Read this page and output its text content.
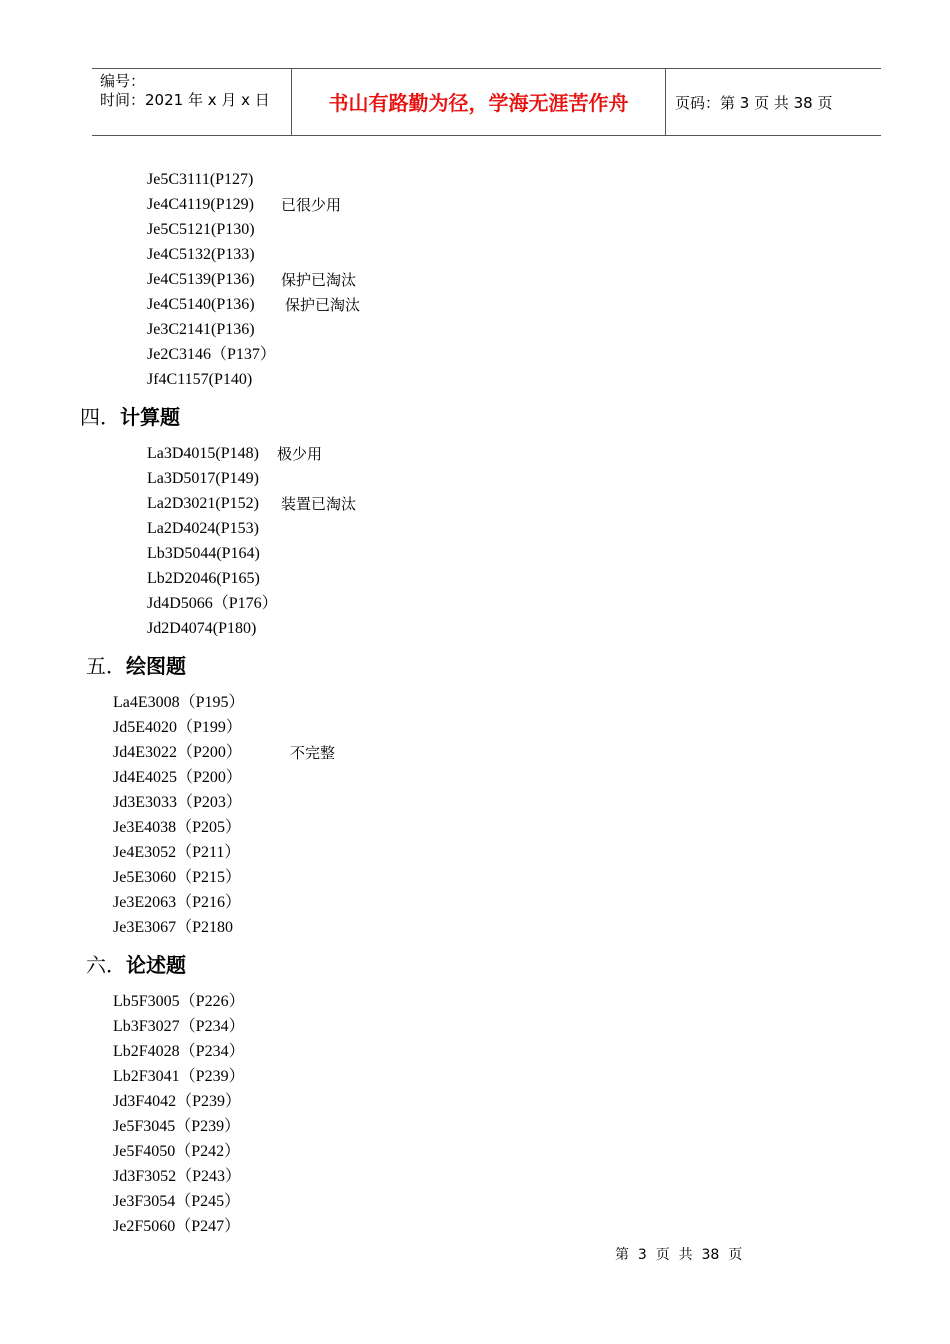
编号：
时间：2021 年 x 月 x 日	书山有路勤为径，学海无涯苦作舟	页码：第 3 页 共 38 页
Je5C3111(P127)
Je4C4119(P129) 已很少用
Je5C5121(P130)
Je4C5132(P133)
Je4C5139(P136) 保护已淘汰
Je4C5140(P136) 保护已淘汰
Je3C2141(P136)
Je2C3146（P137）
Jf4C1157(P140)
四．计算题
La3D4015(P148) 极少用
La3D5017(P149)
La2D3021(P152) 装置已淘汰
La2D4024(P153)
Lb3D5044(P164)
Lb2D2046(P165)
Jd4D5066（P176）
Jd2D4074(P180)
五．绘图题
La4E3008（P195）
Jd5E4020（P199）
Jd4E3022（P200）	不完整
Jd4E4025（P200）
Jd3E3033（P203）
Je3E4038（P205）
Je4E3052（P211）
Je5E3060（P215）
Je3E2063（P216）
Je3E3067（P2180
六．论述题
Lb5F3005（P226）
Lb3F3027（P234）
Lb2F4028（P234）
Lb2F3041（P239）
Jd3F4042（P239）
Je5F3045（P239）
Je5F4050（P242）
Jd3F3052（P243）
Je3F3054（P245）
Je2F5060（P247）
第  3  页  共  38  页
